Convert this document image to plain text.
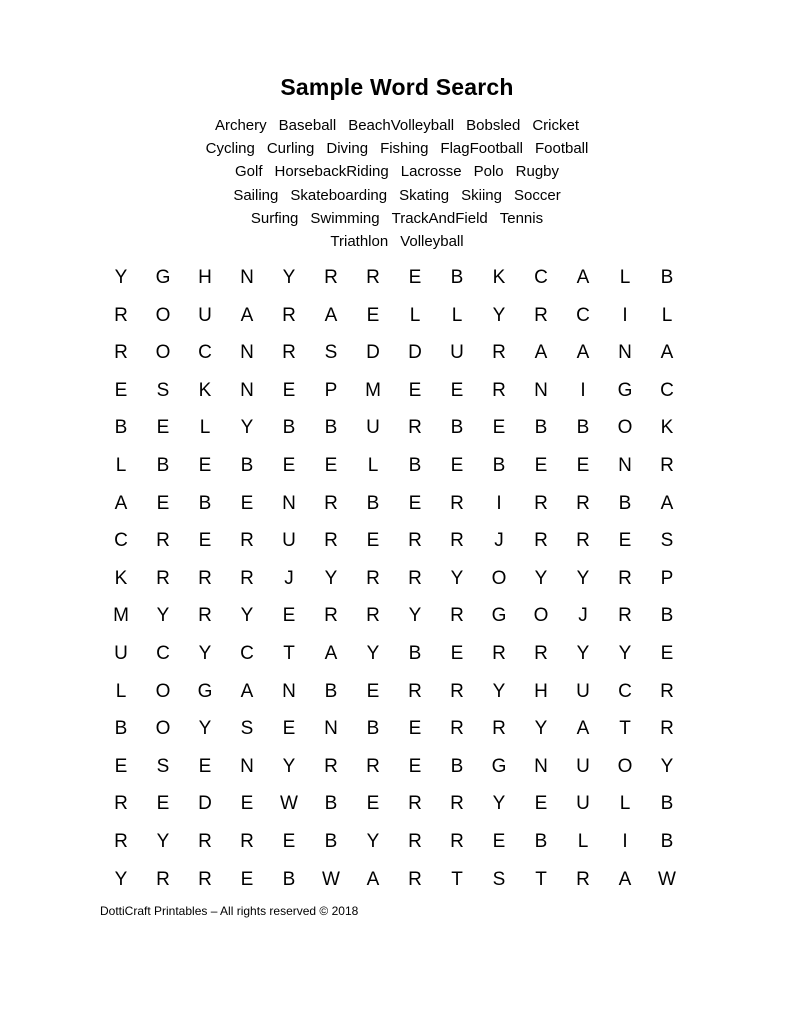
Sample Word Search
Archery Baseball BeachVolleyball Bobsled Cricket
Cycling Curling Diving Fishing FlagFootball Football
Golf HorsebackRiding Lacrosse Polo Rugby
Sailing Skateboarding Skating Skiing Soccer
Surfing Swimming TrackAndField Tennis
Triathlon Volleyball
Y	G	H	N	Y	R	R	E	B	K	C	A	L	B
R	O	U	A	R	A	E	L	L	Y	R	C	I	L
R	O	C	N	R	S	D	D	U	R	A	A	N	A
E	S	K	N	E	P	M	E	E	R	N	I	G	C
B	E	L	Y	B	B	U	R	B	E	B	B	O	K
L	B	E	B	E	E	L	B	E	B	E	E	N	R
A	E	B	E	N	R	B	E	R	I	R	R	B	A
C	R	E	R	U	R	E	R	R	J	R	R	E	S
K	R	R	R	J	Y	R	R	Y	O	Y	Y	R	P
M	Y	R	Y	E	R	R	Y	R	G	O	J	R	B
U	C	Y	C	T	A	Y	B	E	R	R	Y	Y	E
L	O	G	A	N	B	E	R	R	Y	H	U	C	R
B	O	Y	S	E	N	B	E	R	R	Y	A	T	R
E	S	E	N	Y	R	R	E	B	G	N	U	O	Y
R	E	D	E	W	B	E	R	R	Y	E	U	L	B
R	Y	R	R	E	B	Y	R	R	E	B	L	I	B
Y	R	R	E	B	W	A	R	T	S	T	R	A	W
DottiCraft Printables – All rights reserved © 2018
